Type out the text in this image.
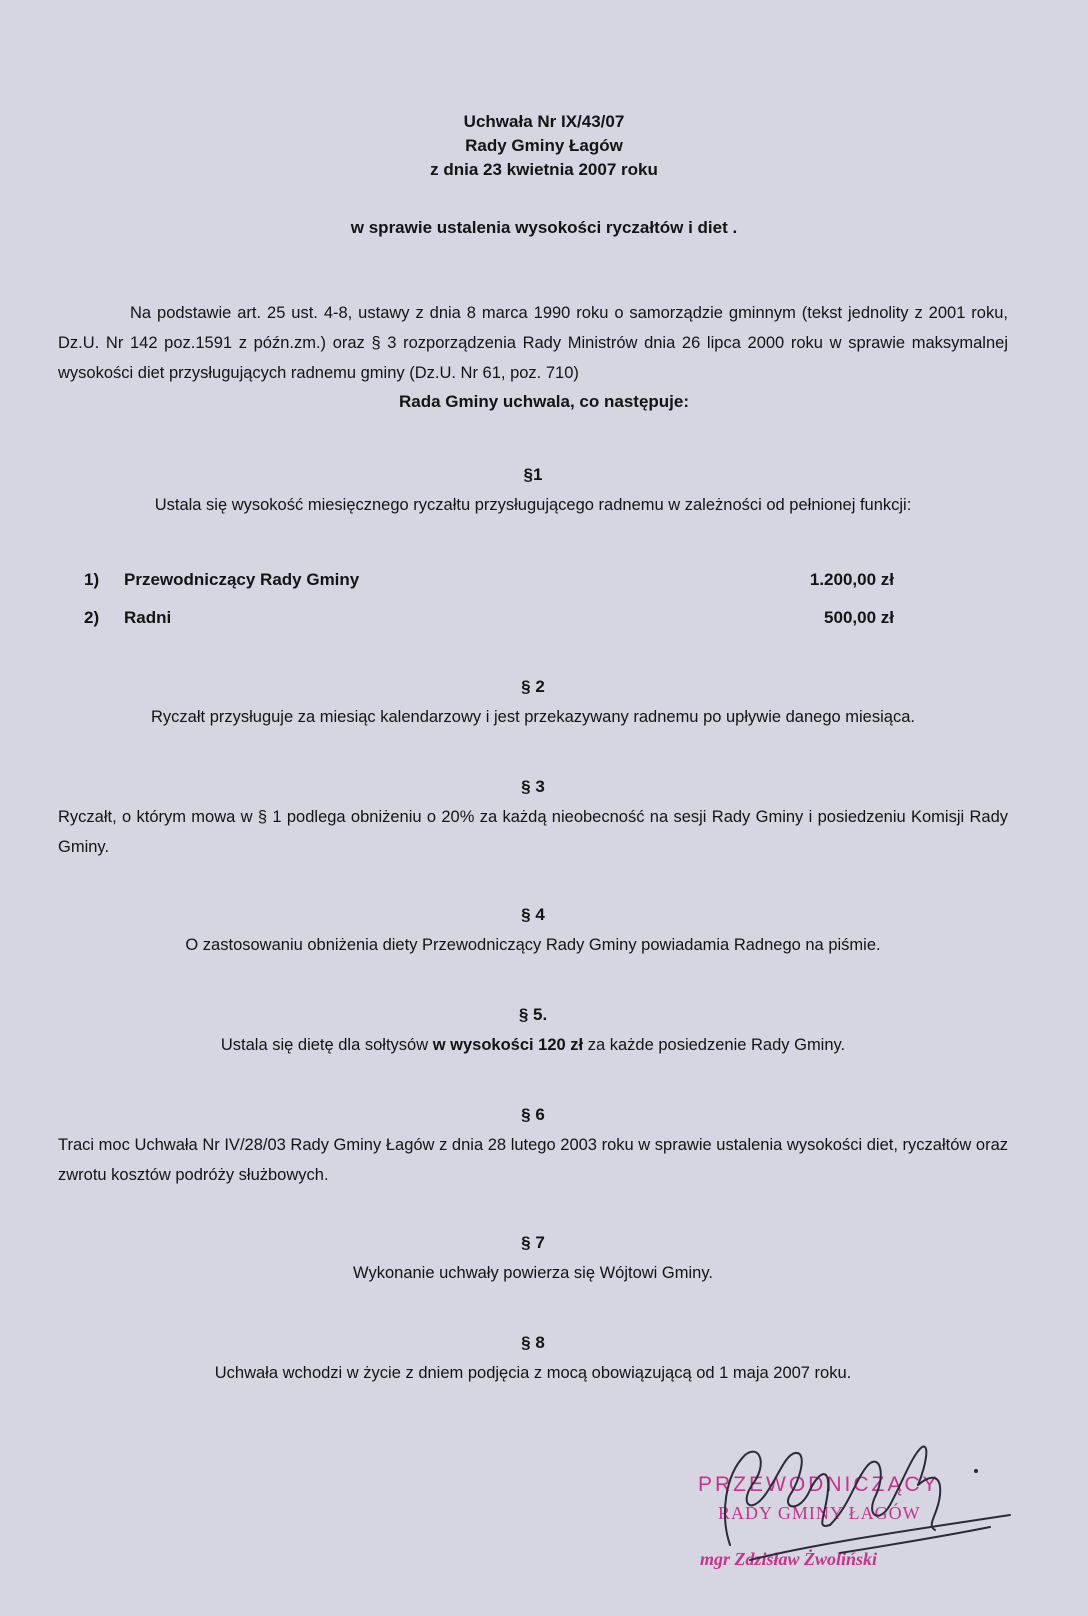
Uchwała Nr IX/43/07
Rady Gminy Łagów
z dnia 23 kwietnia 2007 roku
w sprawie ustalenia wysokości ryczałtów i diet .
Na podstawie art. 25 ust. 4-8, ustawy z dnia 8 marca 1990 roku o samorządzie gminnym (tekst jednolity z 2001 roku, Dz.U. Nr 142 poz.1591 z późn.zm.) oraz § 3 rozporządzenia Rady Ministrów dnia 26 lipca 2000 roku w sprawie maksymalnej wysokości diet przysługujących radnemu gminy (Dz.U. Nr 61, poz. 710)
Rada Gminy uchwala, co następuje:
§1
Ustala się wysokość miesięcznego ryczałtu przysługującego radnemu w zależności od pełnionej funkcji:
1)	Przewodniczący Rady Gminy	1.200,00 zł
2)	Radni	500,00 zł
§ 2
Ryczałt przysługuje za miesiąc kalendarzowy i jest przekazywany radnemu po upływie danego miesiąca.
§ 3
Ryczałt, o którym mowa w § 1 podlega obniżeniu o 20% za każdą nieobecność na sesji Rady Gminy i posiedzeniu Komisji Rady Gminy.
§ 4
O zastosowaniu obniżenia diety Przewodniczący Rady Gminy powiadamia Radnego na piśmie.
§ 5.
Ustala się dietę dla sołtysów w wysokości 120 zł za każde posiedzenie Rady Gminy.
§ 6
Traci moc Uchwała Nr IV/28/03 Rady Gminy Łagów z dnia 28 lutego 2003 roku w sprawie ustalenia wysokości diet, ryczałtów oraz zwrotu kosztów podróży służbowych.
§ 7
Wykonanie uchwały powierza się Wójtowi Gminy.
§ 8
Uchwała wchodzi w życie z dniem podjęcia z mocą obowiązującą od 1 maja 2007 roku.
PRZEWODNICZĄCY
RADY GMINY ŁAGÓW
mgr Zdzisław Żwoliński
